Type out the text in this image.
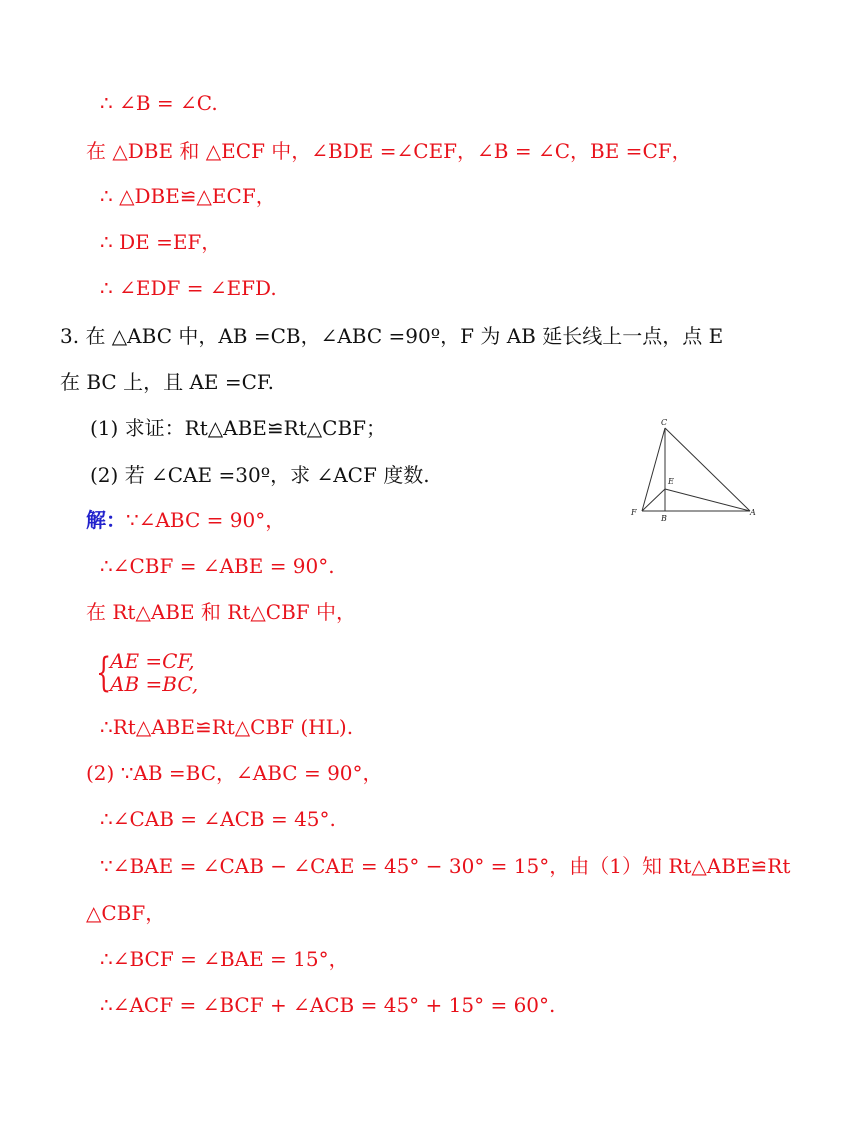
∴ ∠B = ∠C.
在 △DBE 和 △ECF 中，∠BDE =∠CEF，∠B = ∠C，BE =CF，
∴ △DBE≌△ECF，
∴ DE =EF，
∴ ∠EDF = ∠EFD.
3. 在 △ABC 中，AB =CB，∠ABC =90º，F 为 AB 延长线上一点，点 E
在 BC 上，且 AE =CF.
(1) 求证：Rt△ABE≌Rt△CBF；
(2) 若 ∠CAE =30º，求 ∠ACF 度数.
C
E
F
B
A
解：∵∠ABC = 90°，
∴∠CBF = ∠ABE = 90°.
在 Rt△ABE 和 Rt△CBF 中，
{
AE =CF,
AB =BC,
∴Rt△ABE≌Rt△CBF (HL).
(2) ∵AB =BC，∠ABC = 90°，
∴∠CAB = ∠ACB = 45°.
∵∠BAE = ∠CAB − ∠CAE = 45° − 30° = 15°，由（1）知 Rt△ABE≌Rt
△CBF，
∴∠BCF = ∠BAE = 15°，
∴∠ACF = ∠BCF + ∠ACB = 45° + 15° = 60°.
